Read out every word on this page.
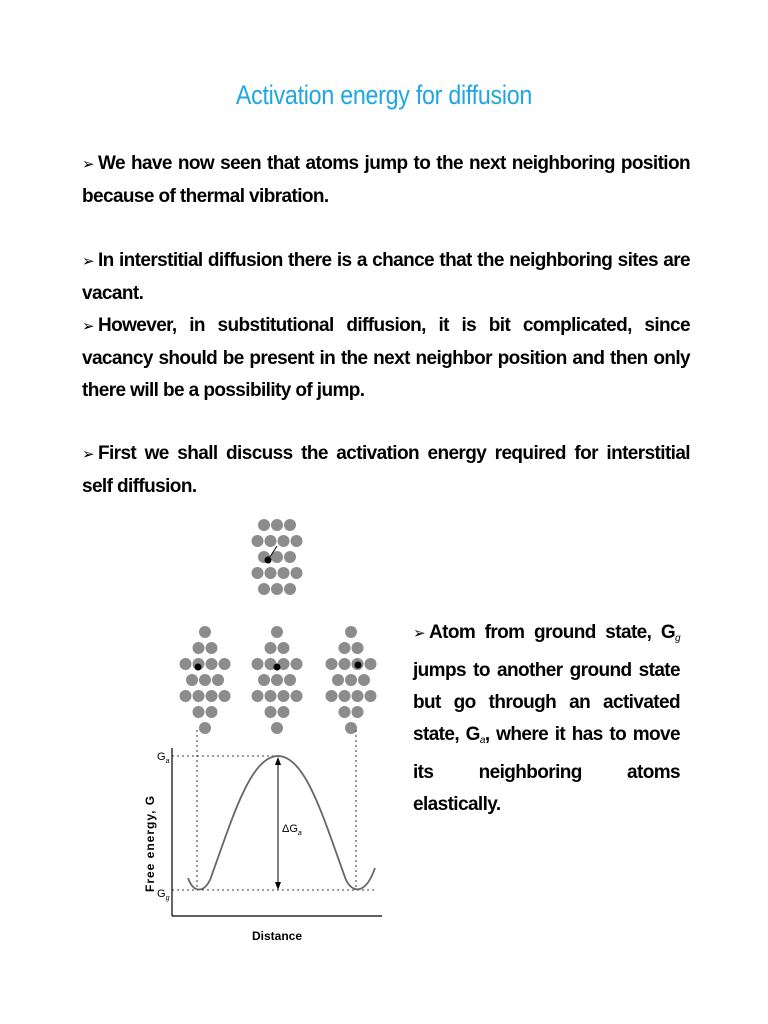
Activation energy for diffusion
➢ We have now seen that atoms jump to the next neighboring position because of thermal vibration.
➢ In interstitial diffusion there is a chance that the neighboring sites are vacant.
➢ However, in substitutional diffusion, it is bit complicated, since vacancy should be present in the next neighbor position and then only there will be a possibility of jump.
➢ First we shall discuss the activation energy required for interstitial self diffusion.
➢ Atom from ground state, $G_g$ jumps to another ground state but go through an activated state, $G_a$, where it has to move its neighboring atoms elastically.
$G_a$
$G_g$
$\Delta G_a$
Free energy, G
Distance
